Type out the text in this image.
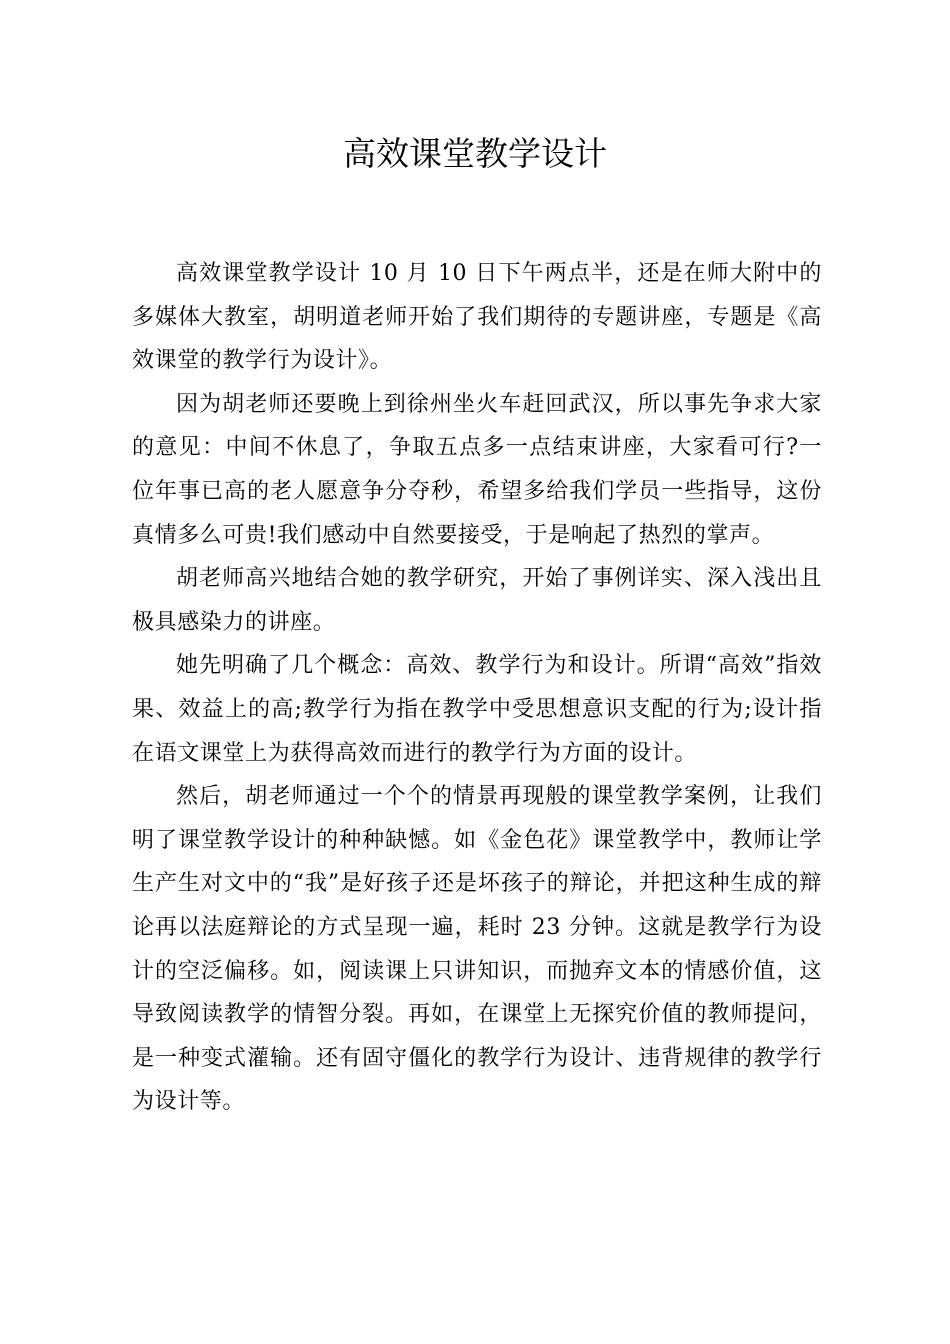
高效课堂教学设计

高效课堂教学设计 10 月 10 日下午两点半，还是在师大附中的多媒体大教室，胡明道老师开始了我们期待的专题讲座，专题是《高效课堂的教学行为设计》。

因为胡老师还要晚上到徐州坐火车赶回武汉，所以事先争求大家的意见：中间不休息了，争取五点多一点结束讲座，大家看可行?一位年事已高的老人愿意争分夺秒，希望多给我们学员一些指导，这份真情多么可贵!我们感动中自然要接受，于是响起了热烈的掌声。

胡老师高兴地结合她的教学研究，开始了事例详实、深入浅出且极具感染力的讲座。

她先明确了几个概念：高效、教学行为和设计。所谓“高效”指效果、效益上的高;教学行为指在教学中受思想意识支配的行为;设计指在语文课堂上为获得高效而进行的教学行为方面的设计。

然后，胡老师通过一个个的情景再现般的课堂教学案例，让我们明了课堂教学设计的种种缺憾。如《金色花》课堂教学中，教师让学生产生对文中的“我”是好孩子还是坏孩子的辩论，并把这种生成的辩论再以法庭辩论的方式呈现一遍，耗时 23 分钟。这就是教学行为设计的空泛偏移。如，阅读课上只讲知识，而抛弃文本的情感价值，这导致阅读教学的情智分裂。再如，在课堂上无探究价值的教师提问，是一种变式灌输。还有固守僵化的教学行为设计、违背规律的教学行为设计等。
